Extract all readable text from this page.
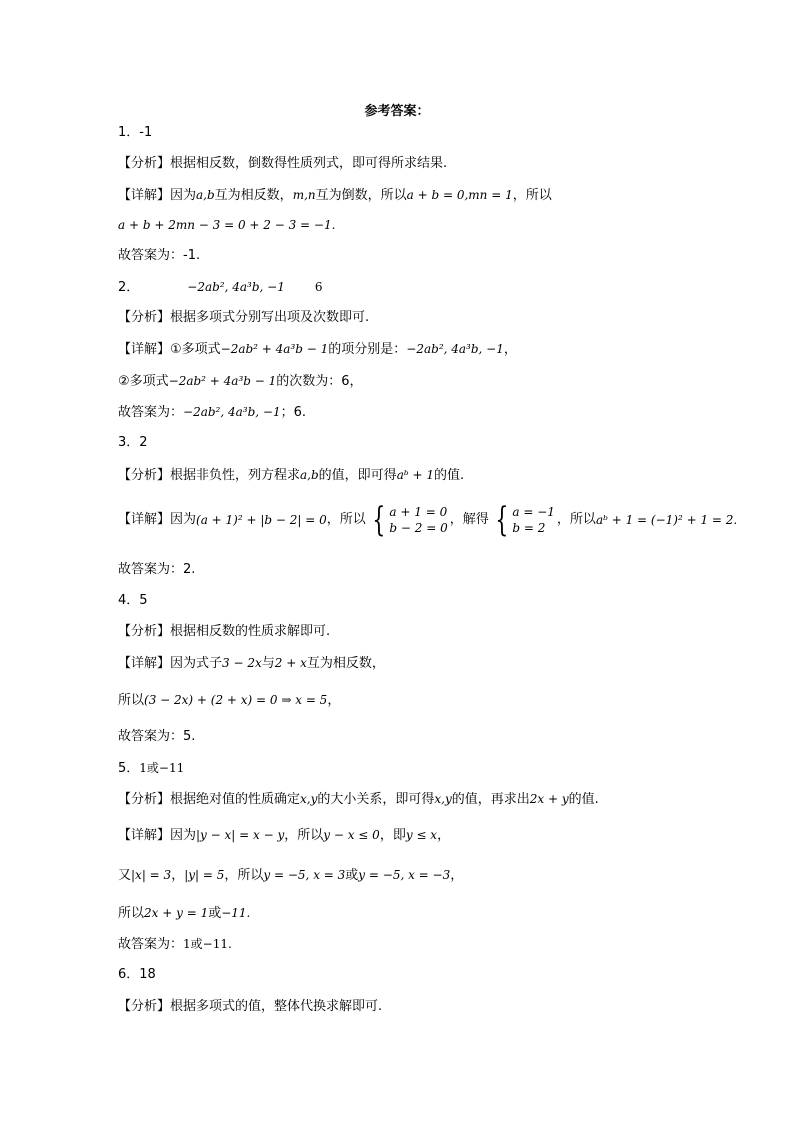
参考答案：
1．-1
【分析】根据相反数，倒数得性质列式，即可得所求结果.
【详解】因为a,b互为相反数，m,n互为倒数，所以a + b = 0,mn = 1，所以
a + b + 2mn − 3 = 0 + 2 − 3 = −1.
故答案为：-1.
2．	−2ab², 4a³b, −1	6
【分析】根据多项式分别写出项及次数即可.
【详解】①多项式−2ab² + 4a³b − 1的项分别是：−2ab², 4a³b, −1，
②多项式−2ab² + 4a³b − 1的次数为：6，
故答案为：−2ab², 4a³b, −1；6.
3．2
【分析】根据非负性，列方程求a,b的值，即可得aᵇ + 1的值.
【详解】因为 (a + 1)² + |b − 2| = 0 ，所以 { a + 1 = 0
b − 2 = 0
，解得 { a = −1
b = 2
，所以 aᵇ + 1 = (−1)² + 1 = 2.
故答案为：2.
4．5
【分析】根据相反数的性质求解即可.
【详解】因为式子3 − 2x与2 + x互为相反数，
所以(3 − 2x) + (2 + x) = 0 ⇒ x = 5，
故答案为：5.
5．1或−11
【分析】根据绝对值的性质确定x,y的大小关系，即可得x,y的值，再求出2x + y的值.
【详解】因为|y − x| = x − y，所以y − x ≤ 0，即y ≤ x，
又|x| = 3，|y| = 5，所以y = −5, x = 3或y = −5, x = −3，
所以2x + y = 1或−11.
故答案为：1或−11.
6．18
【分析】根据多项式的值，整体代换求解即可.
